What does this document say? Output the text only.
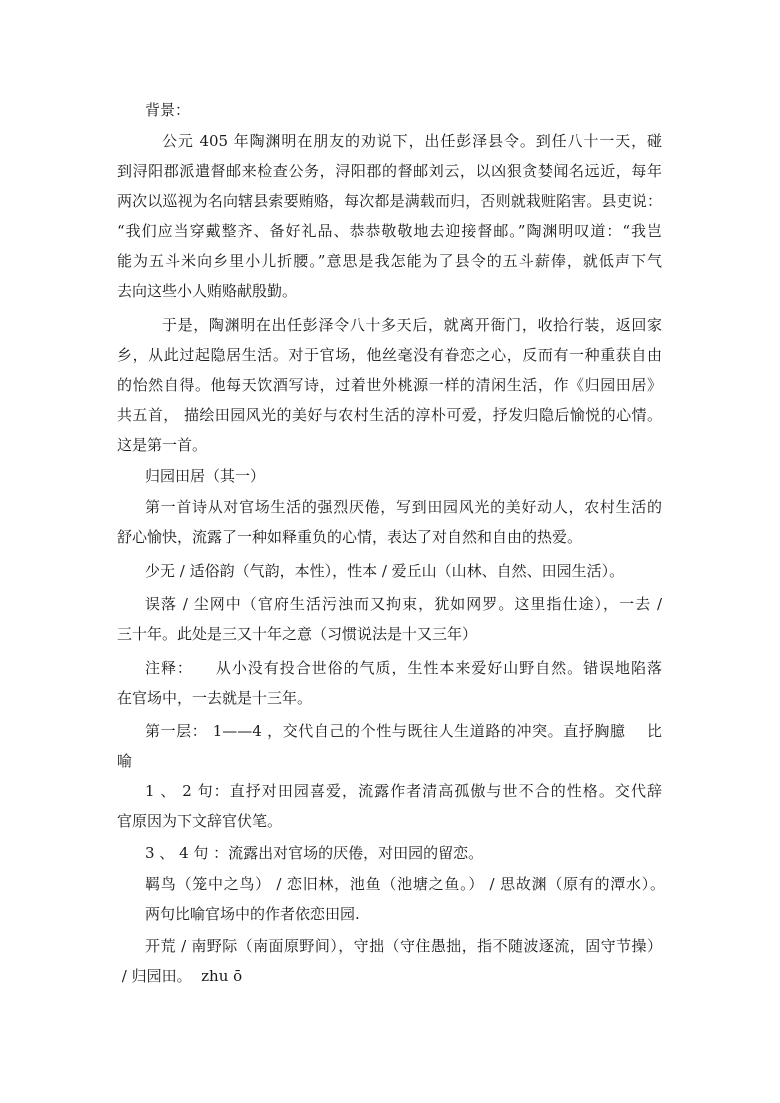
背景：
公元 405 年陶渊明在朋友的劝说下，出任彭泽县令。到任八十一天，碰
到浔阳郡派遣督邮来检查公务，浔阳郡的督邮刘云，以凶狠贪婪闻名远近，每年
两次以巡视为名向辖县索要贿赂，每次都是满载而归，否则就栽赃陷害。县吏说：
“我们应当穿戴整齐、备好礼品、恭恭敬敬地去迎接督邮。”陶渊明叹道：“我岂
能为五斗米向乡里小儿折腰。”意思是我怎能为了县令的五斗薪俸，就低声下气
去向这些小人贿赂献殷勤。
于是，陶渊明在出任彭泽令八十多天后，就离开衙门，收拾行装，返回家
乡，从此过起隐居生活。对于官场，他丝毫没有眷恋之心，反而有一种重获自由
的怡然自得。他每天饮酒写诗，过着世外桃源一样的清闲生活，作《归园田居》
共五首， 描绘田园风光的美好与农村生活的淳朴可爱，抒发归隐后愉悦的心情。
这是第一首。
归园田居（其一）
第一首诗从对官场生活的强烈厌倦，写到田园风光的美好动人，农村生活的
舒心愉快，流露了一种如释重负的心情，表达了对自然和自由的热爱。
少无 / 适俗韵（气韵，本性），性本 / 爱丘山（山林、自然、田园生活）。
误落 / 尘网中（官府生活污浊而又拘束，犹如网罗。这里指仕途），一去 /
三十年。此处是三又十年之意（习惯说法是十又三年）
注释：    从小没有投合世俗的气质，生性本来爱好山野自然。错误地陷落
在官场中，一去就是十三年。
第一层： 1——4 ，交代自己的个性与既往人生道路的冲突。直抒胸臆    比
喻
1 、 2 句：直抒对田园喜爱，流露作者清高孤傲与世不合的性格。交代辞
官原因为下文辞官伏笔。
3 、 4 句 ：流露出对官场的厌倦，对田园的留恋。
羁鸟（笼中之鸟） / 恋旧林，池鱼（池塘之鱼。） / 思故渊（原有的潭水）。
两句比喻官场中的作者依恋田园.
开荒 / 南野际（南面原野间），守拙（守住愚拙，指不随波逐流，固守节操）
/ 归园田。  zhu ō
